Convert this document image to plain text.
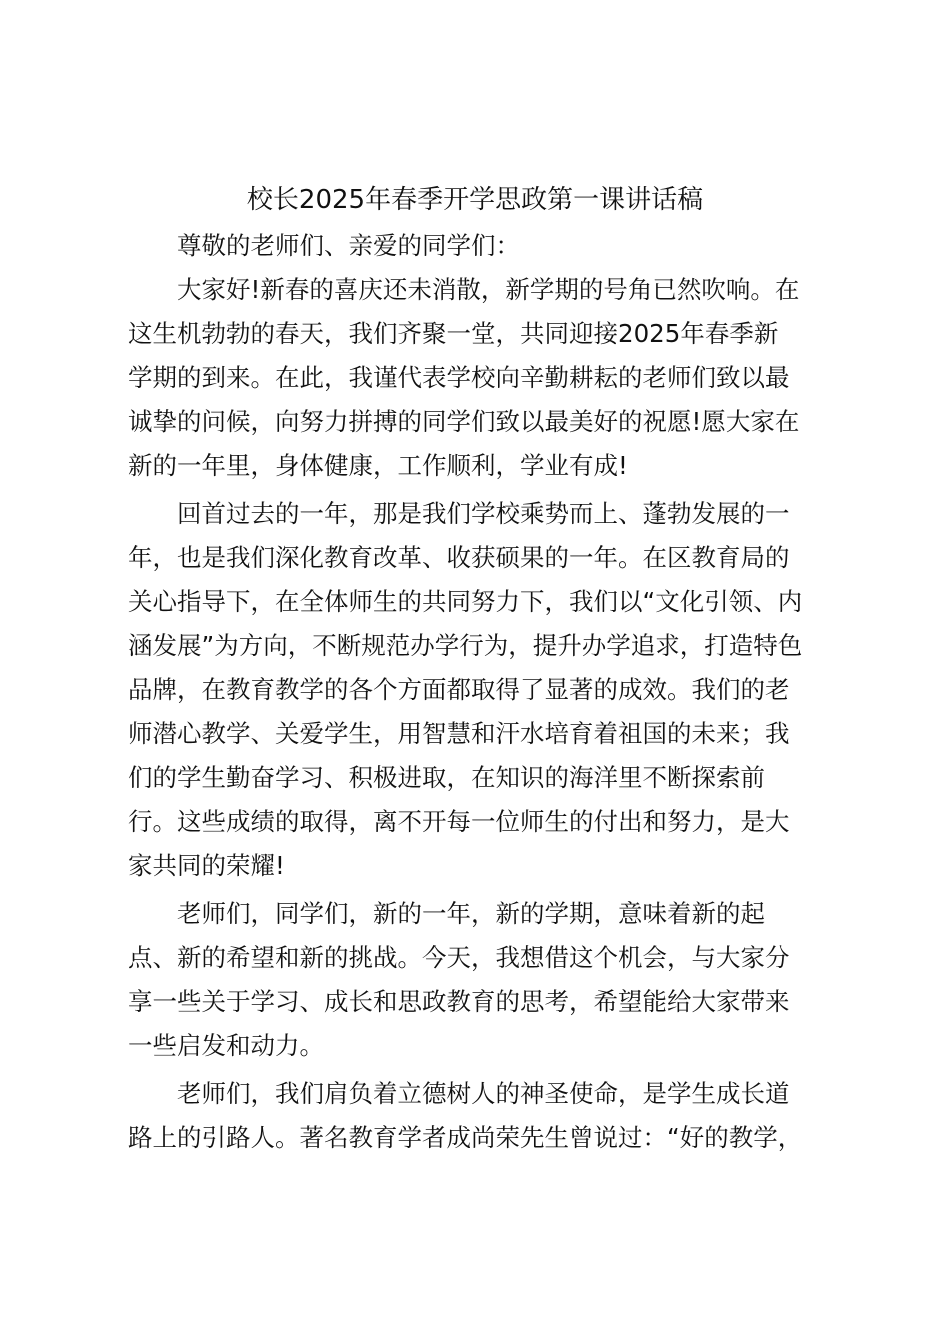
校长2025年春季开学思政第一课讲话稿
尊敬的老师们、亲爱的同学们：
大家好!新春的喜庆还未消散，新学期的号角已然吹响。在
这生机勃勃的春天，我们齐聚一堂，共同迎接2025年春季新
学期的到来。在此，我谨代表学校向辛勤耕耘的老师们致以最
诚挚的问候，向努力拼搏的同学们致以最美好的祝愿!愿大家在
新的一年里，身体健康，工作顺利，学业有成!
回首过去的一年，那是我们学校乘势而上、蓬勃发展的一
年，也是我们深化教育改革、收获硕果的一年。在区教育局的
关心指导下，在全体师生的共同努力下，我们以“文化引领、内
涵发展”为方向，不断规范办学行为，提升办学追求，打造特色
品牌，在教育教学的各个方面都取得了显著的成效。我们的老
师潜心教学、关爱学生，用智慧和汗水培育着祖国的未来；我
们的学生勤奋学习、积极进取，在知识的海洋里不断探索前
行。这些成绩的取得，离不开每一位师生的付出和努力，是大
家共同的荣耀!
老师们，同学们，新的一年，新的学期，意味着新的起
点、新的希望和新的挑战。今天，我想借这个机会，与大家分
享一些关于学习、成长和思政教育的思考，希望能给大家带来
一些启发和动力。
老师们，我们肩负着立德树人的神圣使命，是学生成长道
路上的引路人。著名教育学者成尚荣先生曾说过：“好的教学，
